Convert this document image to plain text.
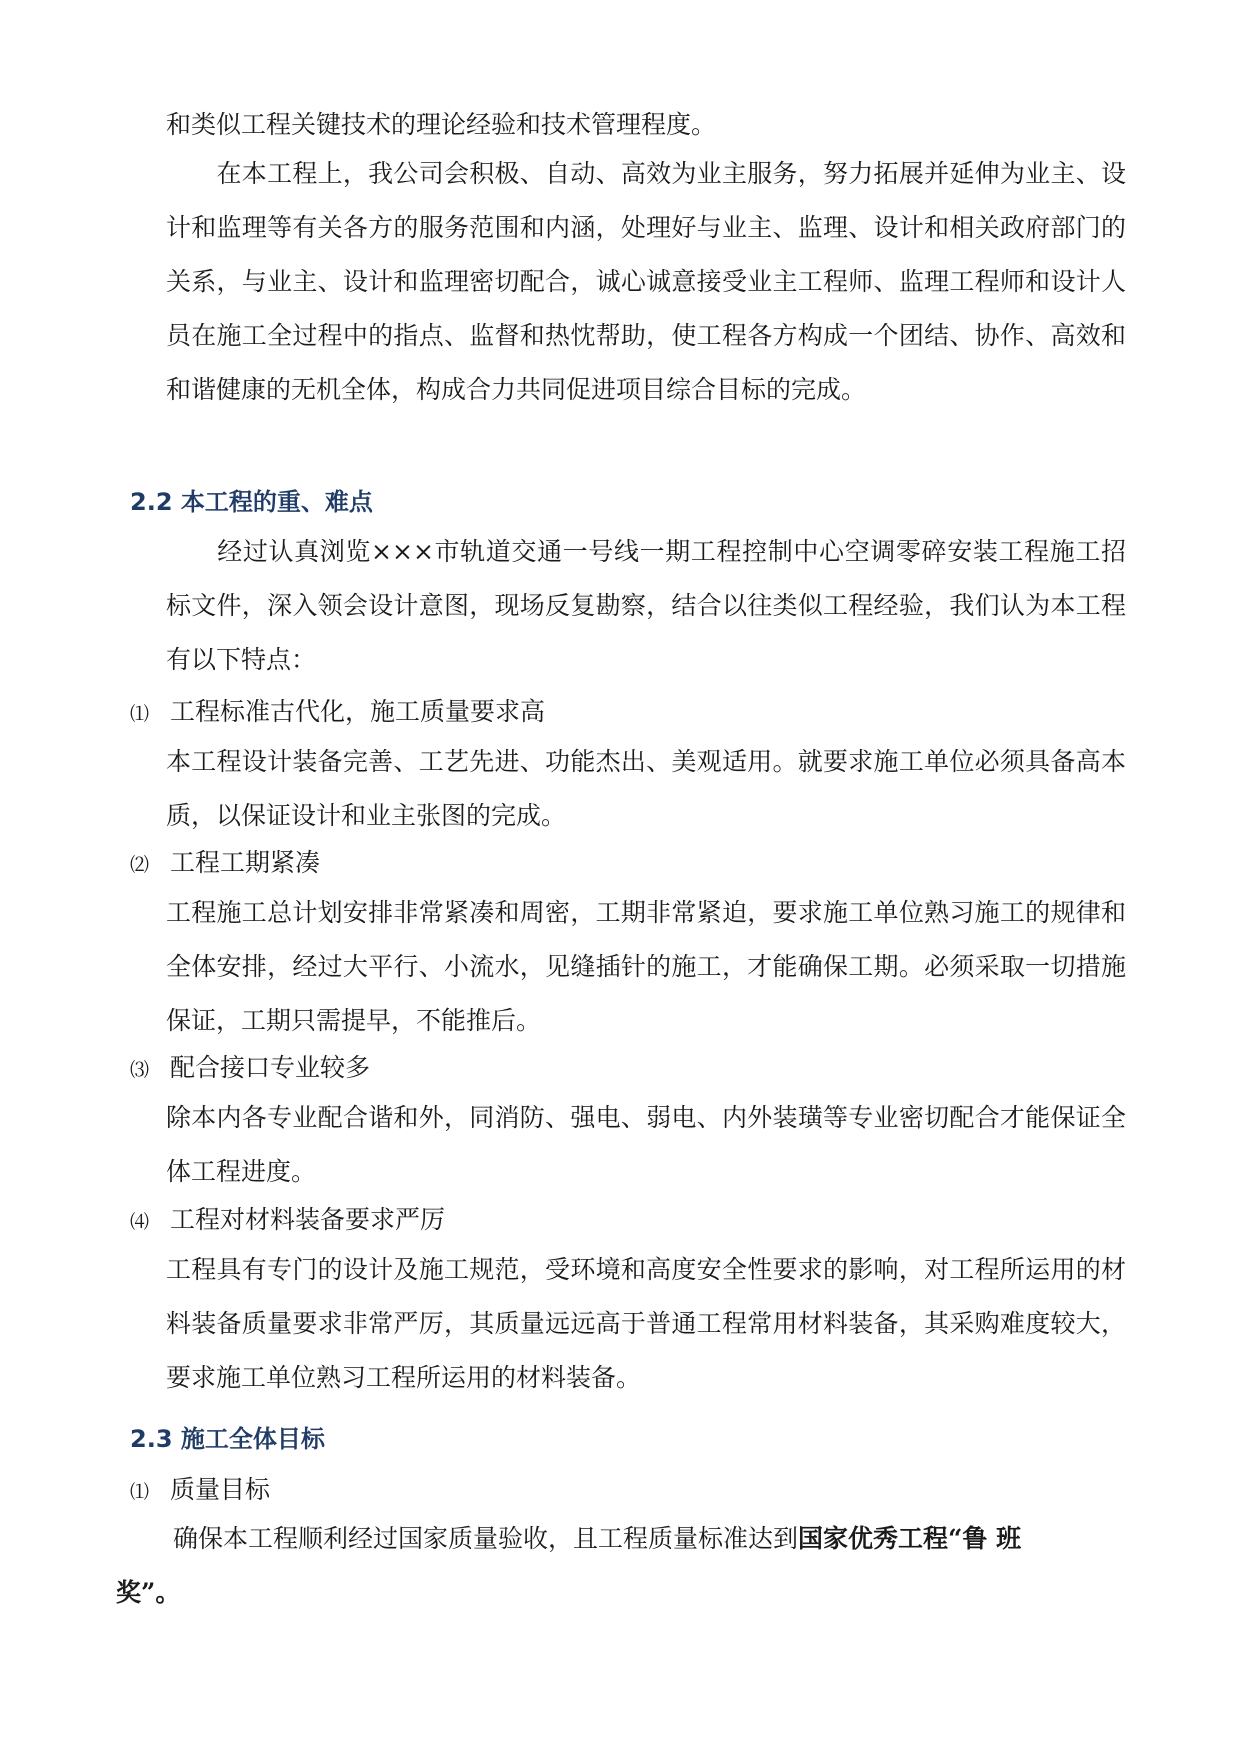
和类似工程关键技术的理论经验和技术管理程度。

　　在本工程上，我公司会积极、自动、高效为业主服务，努力拓展并延伸为业主、设计和监理等有关各方的服务范围和内涵，处理好与业主、监理、设计和相关政府部门的关系，与业主、设计和监理密切配合，诚心诚意接受业主工程师、监理工程师和设计人员在施工全过程中的指点、监督和热忱帮助，使工程各方构成一个团结、协作、高效和和谐健康的无机全体，构成合力共同促进项目综合目标的完成。

2.2 本工程的重、难点

　　经过认真浏览×××市轨道交通一号线一期工程控制中心空调零碎安装工程施工招标文件，深入领会设计意图，现场反复勘察，结合以往类似工程经验，我们认为本工程有以下特点：

⑴ 工程标准古代化，施工质量要求高

本工程设计装备完善、工艺先进、功能杰出、美观适用。就要求施工单位必须具备高本质，以保证设计和业主张图的完成。

⑵ 工程工期紧凑

工程施工总计划安排非常紧凑和周密，工期非常紧迫，要求施工单位熟习施工的规律和全体安排，经过大平行、小流水，见缝插针的施工，才能确保工期。必须采取一切措施保证，工期只需提早，不能推后。

⑶ 配合接口专业较多

除本内各专业配合谐和外，同消防、强电、弱电、内外装璜等专业密切配合才能保证全体工程进度。

⑷ 工程对材料装备要求严厉

工程具有专门的设计及施工规范，受环境和高度安全性要求的影响，对工程所运用的材料装备质量要求非常严厉，其质量远远高于普通工程常用材料装备，其采购难度较大，要求施工单位熟习工程所运用的材料装备。

2.3 施工全体目标
⑴ 质量目标

　确保本工程顺利经过国家质量验收，且工程质量标准达到国家优秀工程“鲁 班

奖”。
